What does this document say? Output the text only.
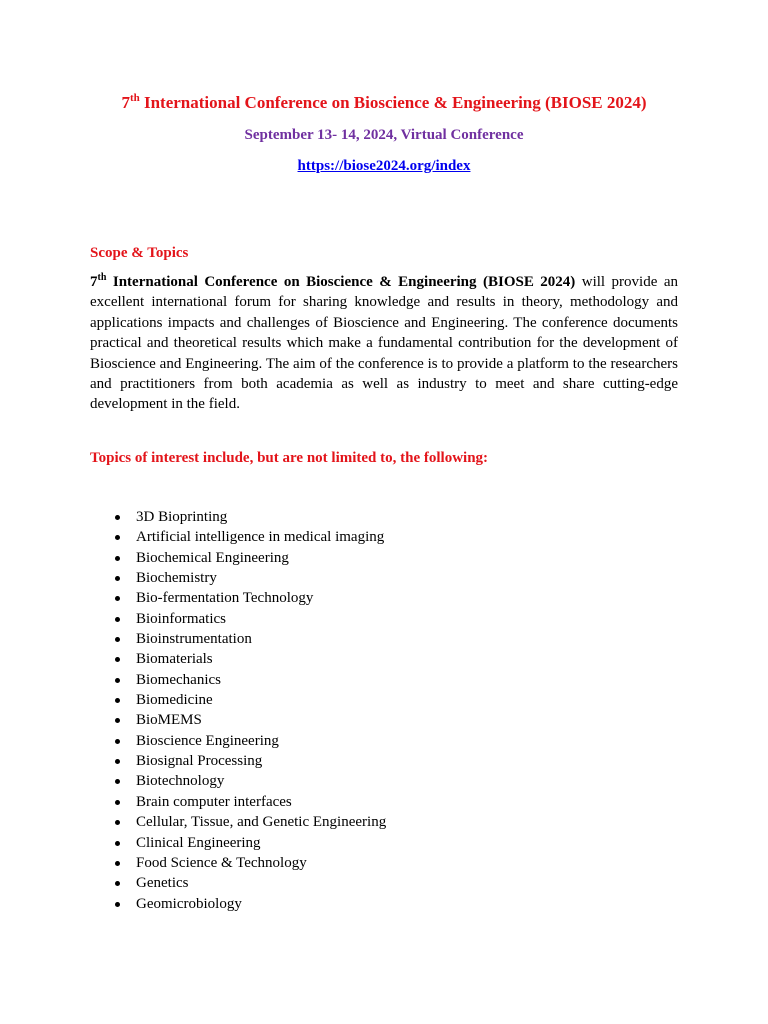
7th International Conference on Bioscience & Engineering (BIOSE 2024)
September 13- 14, 2024, Virtual Conference
https://biose2024.org/index
Scope & Topics
7th International Conference on Bioscience & Engineering (BIOSE 2024) will provide an excellent international forum for sharing knowledge and results in theory, methodology and applications impacts and challenges of Bioscience and Engineering. The conference documents practical and theoretical results which make a fundamental contribution for the development of Bioscience and Engineering. The aim of the conference is to provide a platform to the researchers and practitioners from both academia as well as industry to meet and share cutting-edge development in the field.
Topics of interest include, but are not limited to, the following:
3D Bioprinting
Artificial intelligence in medical imaging
Biochemical Engineering
Biochemistry
Bio-fermentation Technology
Bioinformatics
Bioinstrumentation
Biomaterials
Biomechanics
Biomedicine
BioMEMS
Bioscience Engineering
Biosignal Processing
Biotechnology
Brain computer interfaces
Cellular, Tissue, and Genetic Engineering
Clinical Engineering
Food Science & Technology
Genetics
Geomicrobiology
